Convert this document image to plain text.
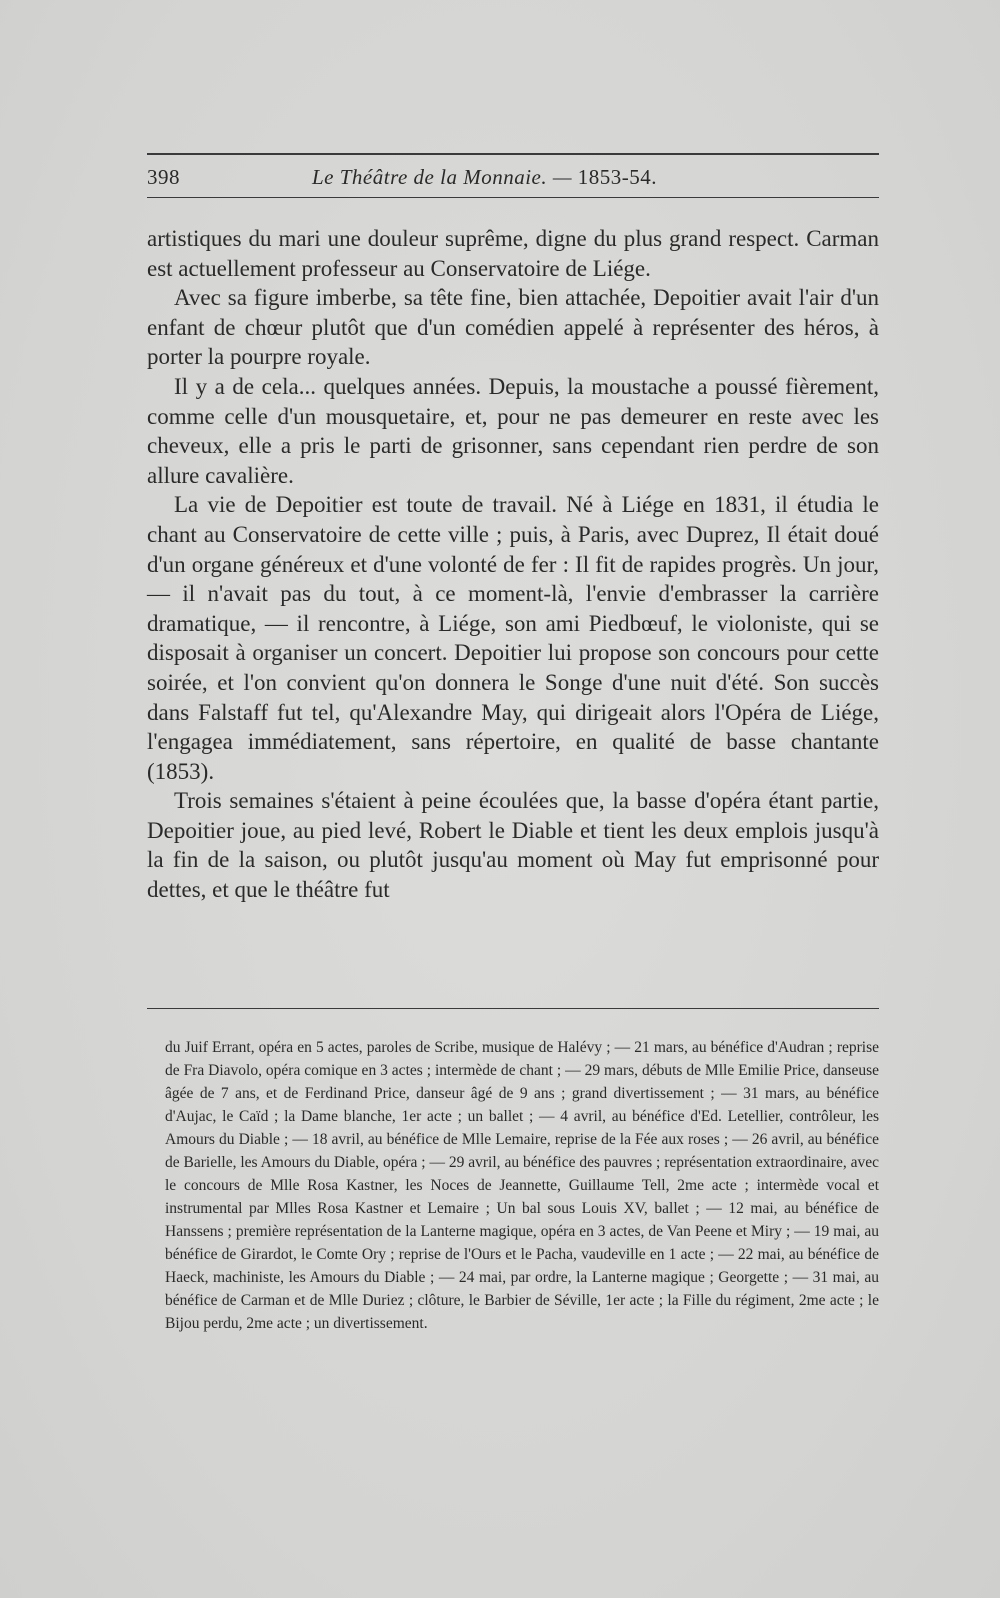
398	Le Théâtre de la Monnaie. — 1853-54.

artistiques du mari une douleur suprême, digne du plus grand respect. Carman est actuellement professeur au Conservatoire de Liége.

Avec sa figure imberbe, sa tête fine, bien attachée, Depoitier avait l'air d'un enfant de chœur plutôt que d'un comédien appelé à représenter des héros, à porter la pourpre royale.

Il y a de cela... quelques années. Depuis, la moustache a poussé fièrement, comme celle d'un mousquetaire, et, pour ne pas demeurer en reste avec les cheveux, elle a pris le parti de grisonner, sans cependant rien perdre de son allure cavalière.

La vie de Depoitier est toute de travail. Né à Liége en 1831, il étudia le chant au Conservatoire de cette ville ; puis, à Paris, avec Duprez, Il était doué d'un organe généreux et d'une volonté de fer : Il fit de rapides progrès. Un jour, — il n'avait pas du tout, à ce moment-là, l'envie d'embrasser la carrière dramatique, — il rencontre, à Liége, son ami Piedbœuf, le violoniste, qui se disposait à organiser un concert. Depoitier lui propose son concours pour cette soirée, et l'on convient qu'on donnera le Songe d'une nuit d'été. Son succès dans Falstaff fut tel, qu'Alexandre May, qui dirigeait alors l'Opéra de Liége, l'engagea immédiatement, sans répertoire, en qualité de basse chantante (1853).

Trois semaines s'étaient à peine écoulées que, la basse d'opéra étant partie, Depoitier joue, au pied levé, Robert le Diable et tient les deux emplois jusqu'à la fin de la saison, ou plutôt jusqu'au moment où May fut emprisonné pour dettes, et que le théâtre fut

du Juif Errant, opéra en 5 actes, paroles de Scribe, musique de Halévy ; — 21 mars, au bénéfice d'Audran ; reprise de Fra Diavolo, opéra comique en 3 actes ; intermède de chant ; — 29 mars, débuts de Mlle Emilie Price, danseuse âgée de 7 ans, et de Ferdinand Price, danseur âgé de 9 ans ; grand divertissement ; — 31 mars, au bénéfice d'Aujac, le Caïd ; la Dame blanche, 1er acte ; un ballet ; — 4 avril, au bénéfice d'Ed. Letellier, contrôleur, les Amours du Diable ; — 18 avril, au bénéfice de Mlle Lemaire, reprise de la Fée aux roses ; — 26 avril, au bénéfice de Barielle, les Amours du Diable, opéra ; — 29 avril, au bénéfice des pauvres ; représentation extraordinaire, avec le concours de Mlle Rosa Kastner, les Noces de Jeannette, Guillaume Tell, 2me acte ; intermède vocal et instrumental par Mlles Rosa Kastner et Lemaire ; Un bal sous Louis XV, ballet ; — 12 mai, au bénéfice de Hanssens ; première représentation de la Lanterne magique, opéra en 3 actes, de Van Peene et Miry ; — 19 mai, au bénéfice de Girardot, le Comte Ory ; reprise de l'Ours et le Pacha, vaudeville en 1 acte ; — 22 mai, au bénéfice de Haeck, machiniste, les Amours du Diable ; — 24 mai, par ordre, la Lanterne magique ; Georgette ; — 31 mai, au bénéfice de Carman et de Mlle Duriez ; clôture, le Barbier de Séville, 1er acte ; la Fille du régiment, 2me acte ; le Bijou perdu, 2me acte ; un divertissement.
